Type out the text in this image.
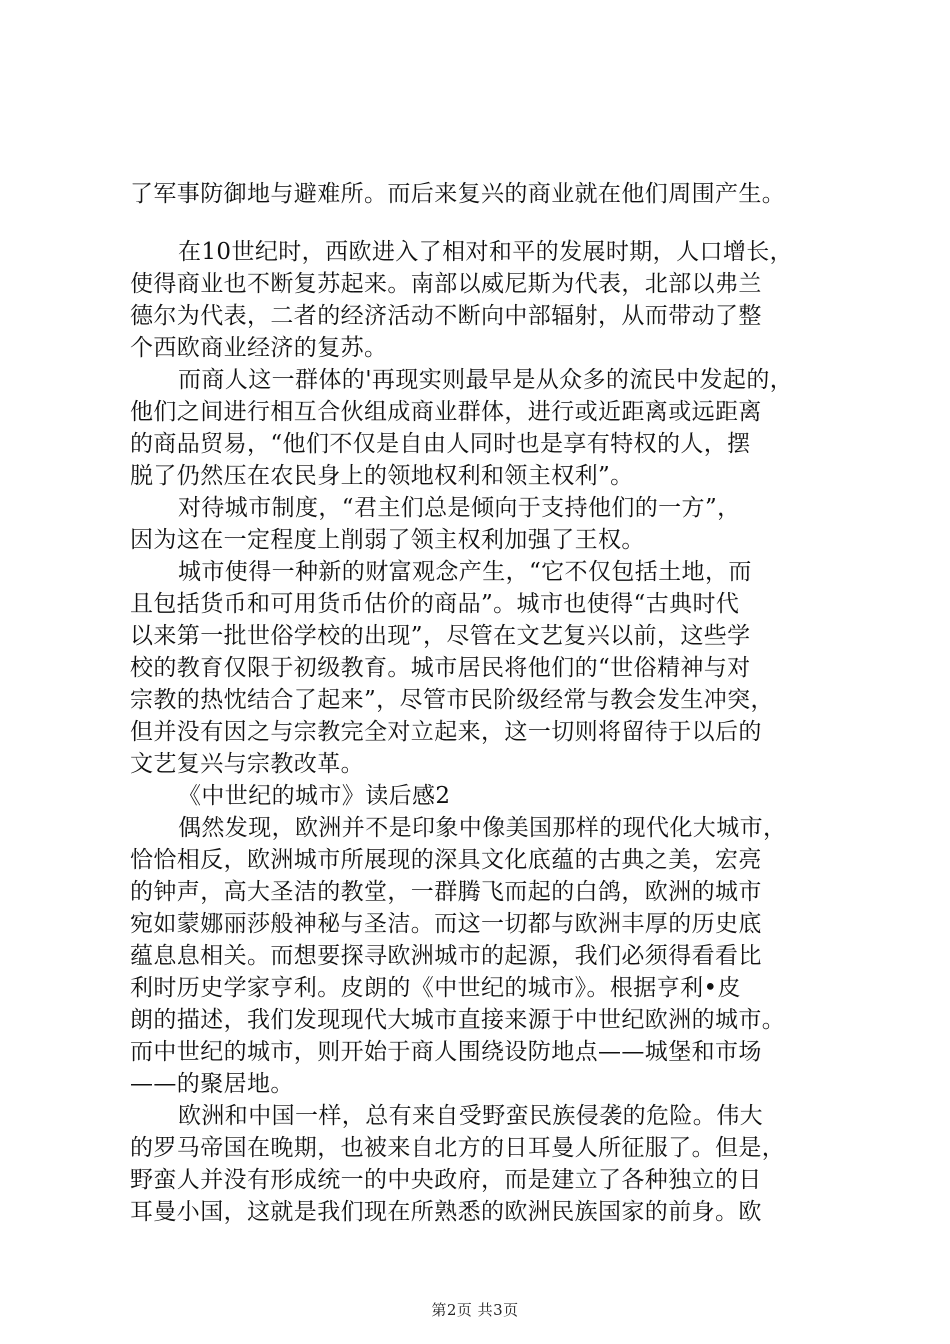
了军事防御地与避难所。而后来复兴的商业就在他们周围产生。
在10世纪时，西欧进入了相对和平的发展时期，人口增长，
使得商业也不断复苏起来。南部以威尼斯为代表，北部以弗兰
德尔为代表，二者的经济活动不断向中部辐射，从而带动了整
个西欧商业经济的复苏。
而商人这一群体的'再现实则最早是从众多的流民中发起的，
他们之间进行相互合伙组成商业群体，进行或近距离或远距离
的商品贸易，“他们不仅是自由人同时也是享有特权的人，摆
脱了仍然压在农民身上的领地权利和领主权利”。
对待城市制度，“君主们总是倾向于支持他们的一方”，
因为这在一定程度上削弱了领主权利加强了王权。
城市使得一种新的财富观念产生，“它不仅包括土地，而
且包括货币和可用货币估价的商品”。城市也使得“古典时代
以来第一批世俗学校的出现”，尽管在文艺复兴以前，这些学
校的教育仅限于初级教育。城市居民将他们的“世俗精神与对
宗教的热忱结合了起来”，尽管市民阶级经常与教会发生冲突，
但并没有因之与宗教完全对立起来，这一切则将留待于以后的
文艺复兴与宗教改革。
《中世纪的城市》读后感2
偶然发现，欧洲并不是印象中像美国那样的现代化大城市，
恰恰相反，欧洲城市所展现的深具文化底蕴的古典之美，宏亮
的钟声，高大圣洁的教堂，一群腾飞而起的白鸽，欧洲的城市
宛如蒙娜丽莎般神秘与圣洁。而这一切都与欧洲丰厚的历史底
蕴息息相关。而想要探寻欧洲城市的起源，我们必须得看看比
利时历史学家亨利。皮朗的《中世纪的城市》。根据亨利•皮
朗的描述，我们发现现代大城市直接来源于中世纪欧洲的城市。
而中世纪的城市，则开始于商人围绕设防地点——城堡和市场
——的聚居地。
欧洲和中国一样，总有来自受野蛮民族侵袭的危险。伟大
的罗马帝国在晚期，也被来自北方的日耳曼人所征服了。但是，
野蛮人并没有形成统一的中央政府，而是建立了各种独立的日
耳曼小国，这就是我们现在所熟悉的欧洲民族国家的前身。欧
第2页 共3页
